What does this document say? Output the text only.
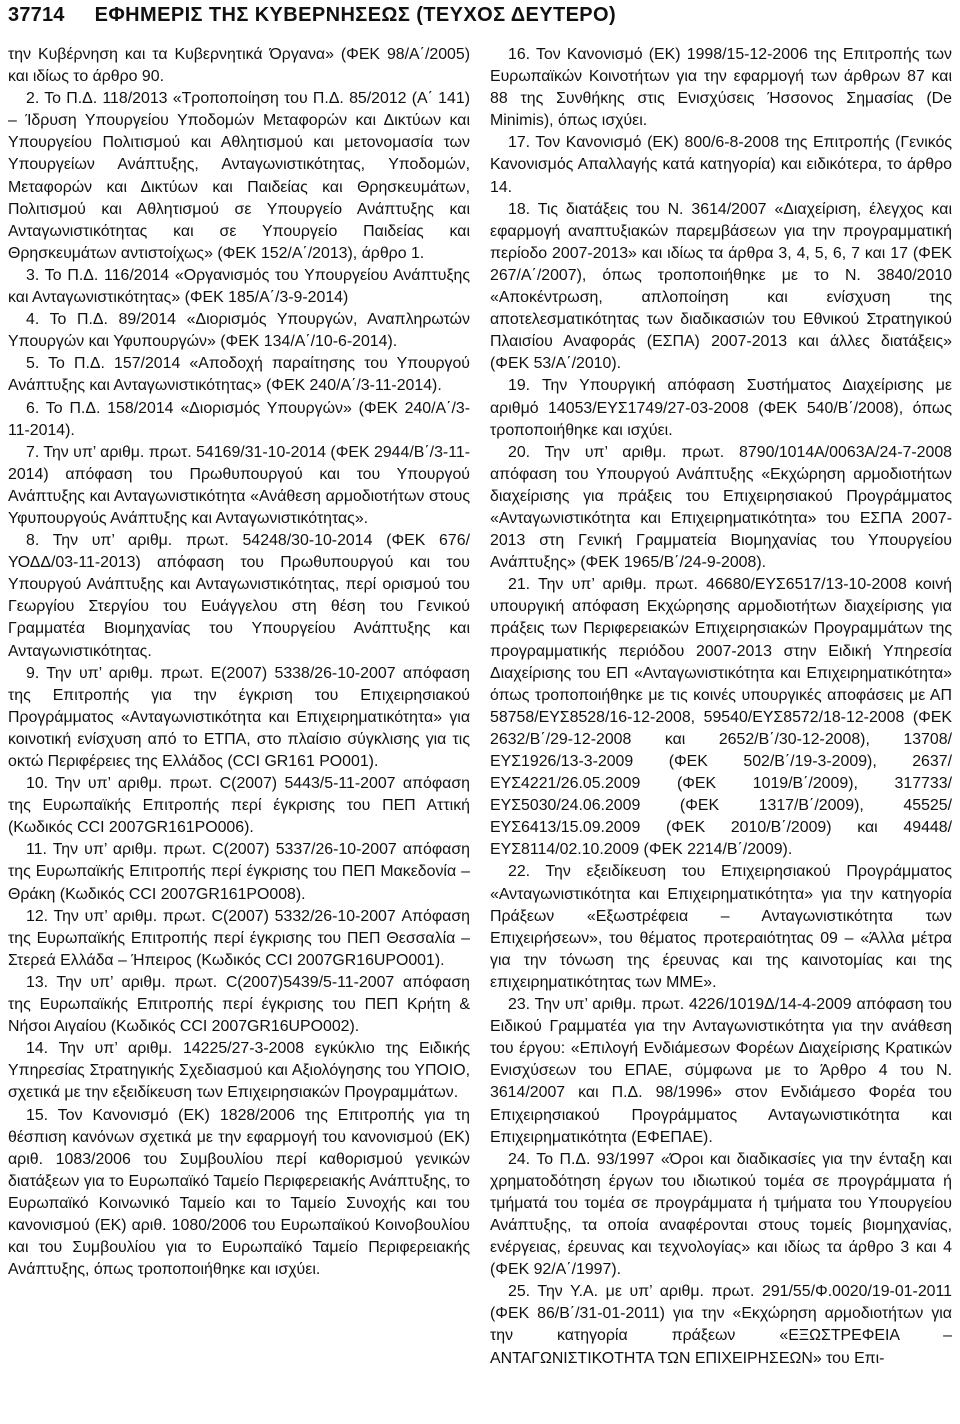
37714 ΕΦΗΜΕΡΙΣ ΤΗΣ ΚΥΒΕΡΝΗΣΕΩΣ (ΤΕΥΧΟΣ ΔΕΥΤΕΡΟ)

την Κυβέρνηση και τα Κυβερνητικά Όργανα» (ΦΕΚ 98/Α΄/2005) και ιδίως το άρθρο 90.

2. Το Π.Δ. 118/2013 «Τροποποίηση του Π.Δ. 85/2012 (Α΄ 141) – Ίδρυση Υπουργείου Υποδομών Μεταφορών και Δικτύων και Υπουργείου Πολιτισμού και Αθλητισμού και μετονομασία των Υπουργείων Ανάπτυξης, Ανταγωνιστικότητας, Υποδομών, Μεταφορών και Δικτύων και Παιδείας και Θρησκευμάτων, Πολιτισμού και Αθλητισμού σε Υπουργείο Ανάπτυξης και Ανταγωνιστικότητας και σε Υπουργείο Παιδείας και Θρησκευμάτων αντιστοίχως» (ΦΕΚ 152/Α΄/2013), άρθρο 1.

3. Το Π.Δ. 116/2014 «Οργανισμός του Υπουργείου Ανάπτυξης και Ανταγωνιστικότητας» (ΦΕΚ 185/Α΄/3-9-2014)

4. Το Π.Δ. 89/2014 «Διορισμός Υπουργών, Αναπληρωτών Υπουργών και Υφυπουργών» (ΦΕΚ 134/Α΄/10-6-2014).

5. Το Π.Δ. 157/2014 «Αποδοχή παραίτησης του Υπουργού Ανάπτυξης και Ανταγωνιστικότητας» (ΦΕΚ 240/Α΄/3-11-2014).

6. Το Π.Δ. 158/2014 «Διορισμός Υπουργών» (ΦΕΚ 240/Α΄/3-11-2014).

7. Την υπ’ αριθμ. πρωτ. 54169/31-10-2014 (ΦΕΚ 2944/Β΄/3-11-2014) απόφαση του Πρωθυπουργού και του Υπουργού Ανάπτυξης και Ανταγωνιστικότητα «Ανάθεση αρμοδιοτήτων στους Υφυπουργούς Ανάπτυξης και Ανταγωνιστικότητας».

8. Την υπ’ αριθμ. πρωτ. 54248/30-10-2014 (ΦΕΚ 676/ΥΟΔΔ/03-11-2013) απόφαση του Πρωθυπουργού και του Υπουργού Ανάπτυξης και Ανταγωνιστικότητας, περί ορισμού του Γεωργίου Στεργίου του Ευάγγελου στη θέση του Γενικού Γραμματέα Βιομηχανίας του Υπουργείου Ανάπτυξης και Ανταγωνιστικότητας.

9. Την υπ’ αριθμ. πρωτ. E(2007) 5338/26-10-2007 απόφαση της Επιτροπής για την έγκριση του Επιχειρησιακού Προγράμματος «Ανταγωνιστικότητα και Επιχειρηματικότητα» για κοινοτική ενίσχυση από το ΕΤΠΑ, στο πλαίσιο σύγκλισης για τις οκτώ Περιφέρειες της Ελλάδος (CCI GR161 PO001).

10. Την υπ’ αριθμ. πρωτ. C(2007) 5443/5-11-2007 απόφαση της Ευρωπαϊκής Επιτροπής περί έγκρισης του ΠΕΠ Αττική (Κωδικός CCI 2007GR161PO006).

11. Την υπ’ αριθμ. πρωτ. C(2007) 5337/26-10-2007 απόφαση της Ευρωπαϊκής Επιτροπής περί έγκρισης του ΠΕΠ Μακεδονία – Θράκη (Κωδικός CCI 2007GR161PO008).

12. Την υπ’ αριθμ. πρωτ. C(2007) 5332/26-10-2007 Απόφαση της Ευρωπαϊκής Επιτροπής περί έγκρισης του ΠΕΠ Θεσσαλία – Στερεά Ελλάδα – Ήπειρος (Κωδικός CCI 2007GR16UPO001).

13. Την υπ’ αριθμ. πρωτ. C(2007)5439/5-11-2007 απόφαση της Ευρωπαϊκής Επιτροπής περί έγκρισης του ΠΕΠ Κρήτη & Νήσοι Αιγαίου (Κωδικός CCI 2007GR16UPO002).

14. Την υπ’ αριθμ. 14225/27-3-2008 εγκύκλιο της Ειδικής Υπηρεσίας Στρατηγικής Σχεδιασμού και Αξιολόγησης του ΥΠΟΙΟ, σχετικά με την εξειδίκευση των Επιχειρησιακών Προγραμμάτων.

15. Τον Κανονισμό (ΕΚ) 1828/2006 της Επιτροπής για τη θέσπιση κανόνων σχετικά με την εφαρμογή του κανονισμού (ΕΚ) αριθ. 1083/2006 του Συμβουλίου περί καθορισμού γενικών διατάξεων για το Ευρωπαϊκό Ταμείο Περιφερειακής Ανάπτυξης, το Ευρωπαϊκό Κοινωνικό Ταμείο και το Ταμείο Συνοχής και του κανονισμού (ΕΚ) αριθ. 1080/2006 του Ευρωπαϊκού Κοινοβουλίου και του Συμβουλίου για το Ευρωπαϊκό Ταμείο Περιφερειακής Ανάπτυξης, όπως τροποποιήθηκε και ισχύει.

16. Τον Κανονισμό (ΕΚ) 1998/15-12-2006 της Επιτροπής των Ευρωπαϊκών Κοινοτήτων για την εφαρμογή των άρθρων 87 και 88 της Συνθήκης στις Ενισχύσεις Ήσσονος Σημασίας (De Minimis), όπως ισχύει.

17. Τον Κανονισμό (ΕΚ) 800/6-8-2008 της Επιτροπής (Γενικός Κανονισμός Απαλλαγής κατά κατηγορία) και ειδικότερα, το άρθρο 14.

18. Τις διατάξεις του Ν. 3614/2007 «Διαχείριση, έλεγχος και εφαρμογή αναπτυξιακών παρεμβάσεων για την προγραμματική περίοδο 2007-2013» και ιδίως τα άρθρα 3, 4, 5, 6, 7 και 17 (ΦΕΚ 267/Α΄/2007), όπως τροποποιήθηκε με το Ν. 3840/2010 «Αποκέντρωση, απλοποίηση και ενίσχυση της αποτελεσματικότητας των διαδικασιών του Εθνικού Στρατηγικού Πλαισίου Αναφοράς (ΕΣΠΑ) 2007-2013 και άλλες διατάξεις» (ΦΕΚ 53/Α΄/2010).

19. Την Υπουργική απόφαση Συστήματος Διαχείρισης με αριθμό 14053/ΕΥΣ1749/27-03-2008 (ΦΕΚ 540/Β΄/2008), όπως τροποποιήθηκε και ισχύει.

20. Την υπ’ αριθμ. πρωτ. 8790/1014Α/0063Α/24-7-2008 απόφαση του Υπουργού Ανάπτυξης «Εκχώρηση αρμοδιοτήτων διαχείρισης για πράξεις του Επιχειρησιακού Προγράμματος «Ανταγωνιστικότητα και Επιχειρηματικότητα» του ΕΣΠΑ 2007-2013 στη Γενική Γραμματεία Βιομηχανίας του Υπουργείου Ανάπτυξης» (ΦΕΚ 1965/Β΄/24-9-2008).

21. Την υπ’ αριθμ. πρωτ. 46680/ΕΥΣ6517/13-10-2008 κοινή υπουργική απόφαση Εκχώρησης αρμοδιοτήτων διαχείρισης για πράξεις των Περιφερειακών Επιχειρησιακών Προγραμμάτων της προγραμματικής περιόδου 2007-2013 στην Ειδική Υπηρεσία Διαχείρισης του ΕΠ «Ανταγωνιστικότητα και Επιχειρηματικότητα» όπως τροποποιήθηκε με τις κοινές υπουργικές αποφάσεις με ΑΠ 58758/ΕΥΣ8528/16-12-2008, 59540/ΕΥΣ8572/18-12-2008 (ΦΕΚ 2632/Β΄/29-12-2008 και 2652/Β΄/30-12-2008), 13708/ΕΥΣ1926/13-3-2009 (ΦΕΚ 502/Β΄/19-3-2009), 2637/ΕΥΣ4221/26.05.2009 (ΦΕΚ 1019/Β΄/2009), 317733/ΕΥΣ5030/24.06.2009 (ΦΕΚ 1317/Β΄/2009), 45525/ΕΥΣ6413/15.09.2009 (ΦΕΚ 2010/Β΄/2009) και 49448/ΕΥΣ8114/02.10.2009 (ΦΕΚ 2214/Β΄/2009).

22. Την εξειδίκευση του Επιχειρησιακού Προγράμματος «Ανταγωνιστικότητα και Επιχειρηματικότητα» για την κατηγορία Πράξεων «Εξωστρέφεια – Ανταγωνιστικότητα των Επιχειρήσεων», του θέματος προτεραιότητας 09 – «Άλλα μέτρα για την τόνωση της έρευνας και της καινοτομίας και της επιχειρηματικότητας των ΜΜΕ».

23. Την υπ’ αριθμ. πρωτ. 4226/1019Δ/14-4-2009 απόφαση του Ειδικού Γραμματέα για την Ανταγωνιστικότητα για την ανάθεση του έργου: «Επιλογή Ενδιάμεσων Φορέων Διαχείρισης Κρατικών Ενισχύσεων του ΕΠΑΕ, σύμφωνα με το Άρθρο 4 του Ν. 3614/2007 και Π.Δ. 98/1996» στον Ενδιάμεσο Φορέα του Επιχειρησιακού Προγράμματος Ανταγωνιστικότητα και Επιχειρηματικότητα (ΕΦΕΠΑΕ).

24. Το Π.Δ. 93/1997 «Όροι και διαδικασίες για την ένταξη και χρηματοδότηση έργων του ιδιωτικού τομέα σε προγράμματα ή τμήματά του τομέα σε προγράμματα ή τμήματα του Υπουργείου Ανάπτυξης, τα οποία αναφέρονται στους τομείς βιομηχανίας, ενέργειας, έρευνας και τεχνολογίας» και ιδίως τα άρθρο 3 και 4 (ΦΕΚ 92/Α΄/1997).

25. Την Υ.Α. με υπ’ αριθμ. πρωτ. 291/55/Φ.0020/19-01-2011 (ΦΕΚ 86/Β΄/31-01-2011) για την «Εκχώρηση αρμοδιοτήτων για την κατηγορία πράξεων «ΕΞΩΣΤΡΕΦΕΙΑ – ΑΝΤΑΓΩΝΙΣΤΙΚΟΤΗΤΑ ΤΩΝ ΕΠΙΧΕΙΡΗΣΕΩΝ» του Επι-
